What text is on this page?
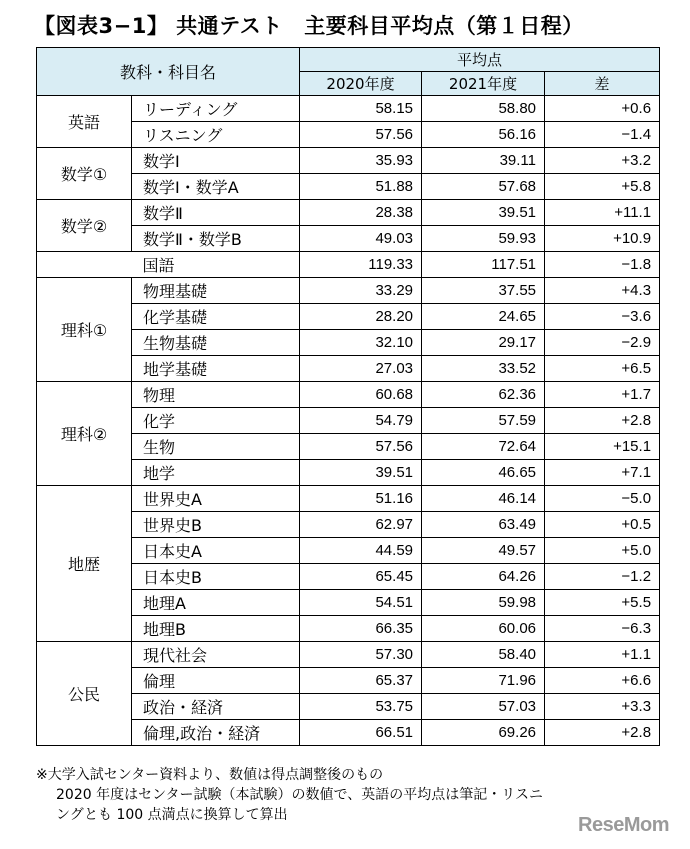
【図表3−1】 共通テスト　主要科目平均点（第１日程）
教科・科目名		平均点		
		2020年度	2021年度	差
英語	リーディング	58.15	58.80	+0.6
	リスニング	57.56	56.16	−1.4
数学①	数学Ⅰ	35.93	39.11	+3.2
	数学Ⅰ・数学A	51.88	57.68	+5.8
数学②	数学Ⅱ	28.38	39.51	+11.1
	数学Ⅱ・数学B	49.03	59.93	+10.9
	国語	119.33	117.51	−1.8
理科①	物理基礎	33.29	37.55	+4.3
	化学基礎	28.20	24.65	−3.6
	生物基礎	32.10	29.17	−2.9
	地学基礎	27.03	33.52	+6.5
理科②	物理	60.68	62.36	+1.7
	化学	54.79	57.59	+2.8
	生物	57.56	72.64	+15.1
	地学	39.51	46.65	+7.1
地歴	世界史A	51.16	46.14	−5.0
	世界史B	62.97	63.49	+0.5
	日本史A	44.59	49.57	+5.0
	日本史B	65.45	64.26	−1.2
	地理A	54.51	59.98	+5.5
	地理B	66.35	60.06	−6.3
公民	現代社会	57.30	58.40	+1.1
	倫理	65.37	71.96	+6.6
	政治・経済	53.75	57.03	+3.3
	倫理,政治・経済	66.51	69.26	+2.8
※大学入試センター資料より、数値は得点調整後のもの
2020 年度はセンター試験（本試験）の数値で、英語の平均点は筆記・リスニ
ングとも 100 点満点に換算して算出	ReseMom
